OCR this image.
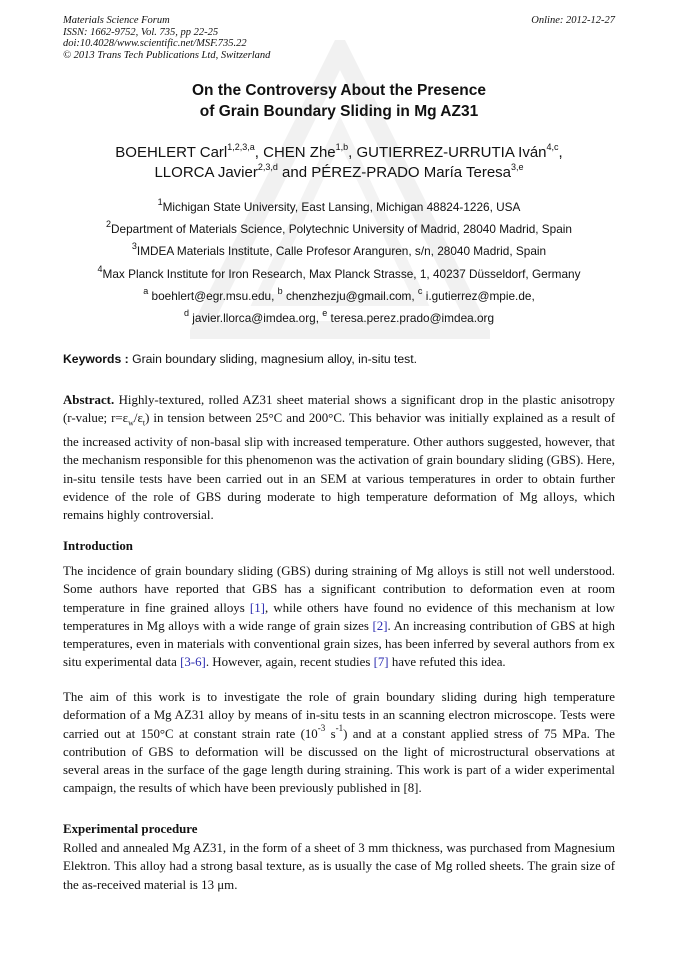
Materials Science Forum
ISSN: 1662-9752, Vol. 735, pp 22-25
doi:10.4028/www.scientific.net/MSF.735.22
© 2013 Trans Tech Publications Ltd, Switzerland
Online: 2012-12-27
On the Controversy About the Presence
of Grain Boundary Sliding in Mg AZ31
BOEHLERT Carl$^{1,2,3,a}$, CHEN Zhe$^{1,b}$, GUTIERREZ-URRUTIA Iván$^{4,c}$,
LLORCA Javier$^{2,3,d}$ and PÉREZ-PRADO María Teresa$^{3,e}$
$^1$Michigan State University, East Lansing, Michigan 48824-1226, USA
$^2$Department of Materials Science, Polytechnic University of Madrid, 28040 Madrid, Spain
$^3$IMDEA Materials Institute, Calle Profesor Aranguren, s/n, 28040 Madrid, Spain
$^4$Max Planck Institute for Iron Research, Max Planck Strasse, 1, 40237 Düsseldorf, Germany
$^a$ boehlert@egr.msu.edu, $^b$ chenzhezju@gmail.com, $^c$ i.gutierrez@mpie.de,
$^d$ javier.llorca@imdea.org, $^e$ teresa.perez.prado@imdea.org
Keywords : Grain boundary sliding, magnesium alloy, in-situ test.
Abstract. Highly-textured, rolled AZ31 sheet material shows a significant drop in the plastic anisotropy (r-value; $r=\varepsilon_w/\varepsilon_t$) in tension between 25°C and 200°C. This behavior was initially explained as a result of the increased activity of non-basal slip with increased temperature. Other authors suggested, however, that the mechanism responsible for this phenomenon was the activation of grain boundary sliding (GBS). Here, in-situ tensile tests have been carried out in an SEM at various temperatures in order to obtain further evidence of the role of GBS during moderate to high temperature deformation of Mg alloys, which remains highly controversial.
Introduction
The incidence of grain boundary sliding (GBS) during straining of Mg alloys is still not well understood. Some authors have reported that GBS has a significant contribution to deformation even at room temperature in fine grained alloys [1], while others have found no evidence of this mechanism at low temperatures in Mg alloys with a wide range of grain sizes [2]. An increasing contribution of GBS at high temperatures, even in materials with conventional grain sizes, has been inferred by several authors from ex situ experimental data [3-6]. However, again, recent studies [7] have refuted this idea.
The aim of this work is to investigate the role of grain boundary sliding during high temperature deformation of a Mg AZ31 alloy by means of in-situ tests in an scanning electron microscope. Tests were carried out at 150°C at constant strain rate ($10^{-3}$ $s^{-1}$) and at a constant applied stress of 75 MPa. The contribution of GBS to deformation will be discussed on the light of microstructural observations at several areas in the surface of the gage length during straining. This work is part of a wider experimental campaign, the results of which have been previously published in [8].
Experimental procedure
Rolled and annealed Mg AZ31, in the form of a sheet of 3 mm thickness, was purchased from Magnesium Elektron. This alloy had a strong basal texture, as is usually the case of Mg rolled sheets. The grain size of the as-received material is 13 μm.
